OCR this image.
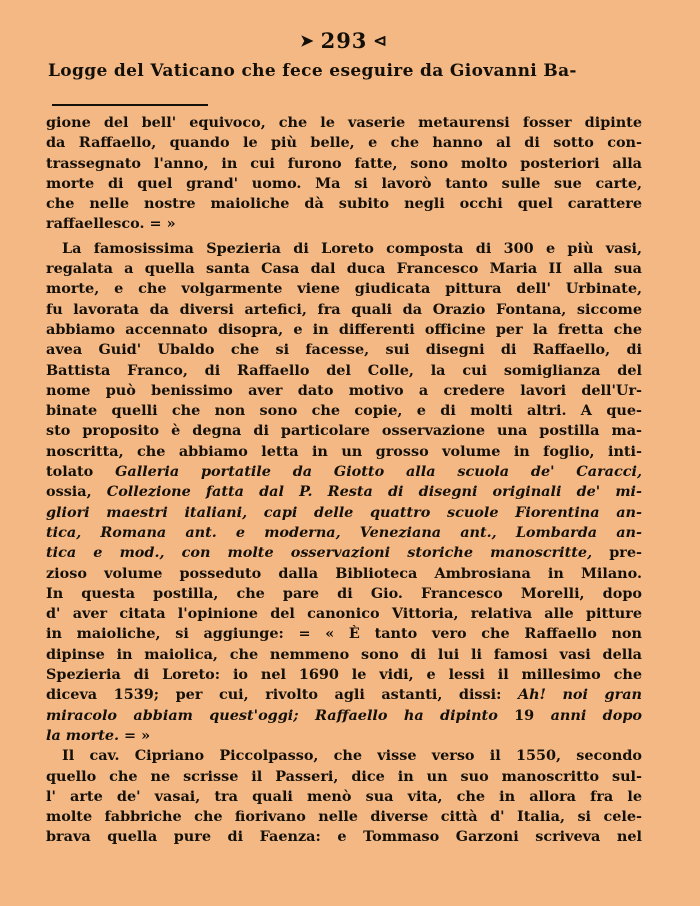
➤ 293 ⊲
Logge del Vaticano che fece eseguire da Giovanni Ba-

gione del bell' equivoco, che le vaserie metaurensi fosser dipinte
da Raffaello, quando le più belle, e che hanno al di sotto con-
trassegnato l'anno, in cui furono fatte, sono molto posteriori alla
morte di quel grand' uomo. Ma si lavorò tanto sulle sue carte,
che nelle nostre maioliche dà subito negli occhi quel carattere
raffaellesco. = »

La famosissima Spezieria di Loreto composta di 300 e più vasi,
regalata a quella santa Casa dal duca Francesco Maria II alla sua
morte, e che volgarmente viene giudicata pittura dell' Urbinate,
fu lavorata da diversi artefici, fra quali da Orazio Fontana, siccome
abbiamo accennato disopra, e in differenti officine per la fretta che
avea Guid' Ubaldo che si facesse, sui disegni di Raffaello, di
Battista Franco, di Raffaello del Colle, la cui somiglianza del
nome può benissimo aver dato motivo a credere lavori dell'Ur-
binate quelli che non sono che copie, e di molti altri. A que-
sto proposito è degna di particolare osservazione una postilla ma-
noscritta, che abbiamo letta in un grosso volume in foglio, inti-
tolato Galleria portatile da Giotto alla scuola de' Caracci,
ossia, Collezione fatta dal P. Resta di disegni originali de' mi-
gliori maestri italiani, capi delle quattro scuole Fiorentina an-
tica, Romana ant. e moderna, Veneziana ant., Lombarda an-
tica e mod., con molte osservazioni storiche manoscritte, pre-
zioso volume posseduto dalla Biblioteca Ambrosiana in Milano.
In questa postilla, che pare di Gio. Francesco Morelli, dopo
d' aver citata l'opinione del canonico Vittoria, relativa alle pitture
in maioliche, si aggiunge: = « È tanto vero che Raffaello non
dipinse in maiolica, che nemmeno sono di lui li famosi vasi della
Spezieria di Loreto: io nel 1690 le vidi, e lessi il millesimo che
diceva 1539; per cui, rivolto agli astanti, dissi: Ah! noi gran
miracolo abbiam quest'oggi; Raffaello ha dipinto 19 anni dopo
la morte. = »

Il cav. Cipriano Piccolpasso, che visse verso il 1550, secondo
quello che ne scrisse il Passeri, dice in un suo manoscritto sul-
l' arte de' vasai, tra quali menò sua vita, che in allora fra le
molte fabbriche che fiorivano nelle diverse città d' Italia, si cele-
brava quella pure di Faenza: e Tommaso Garzoni scriveva nel
